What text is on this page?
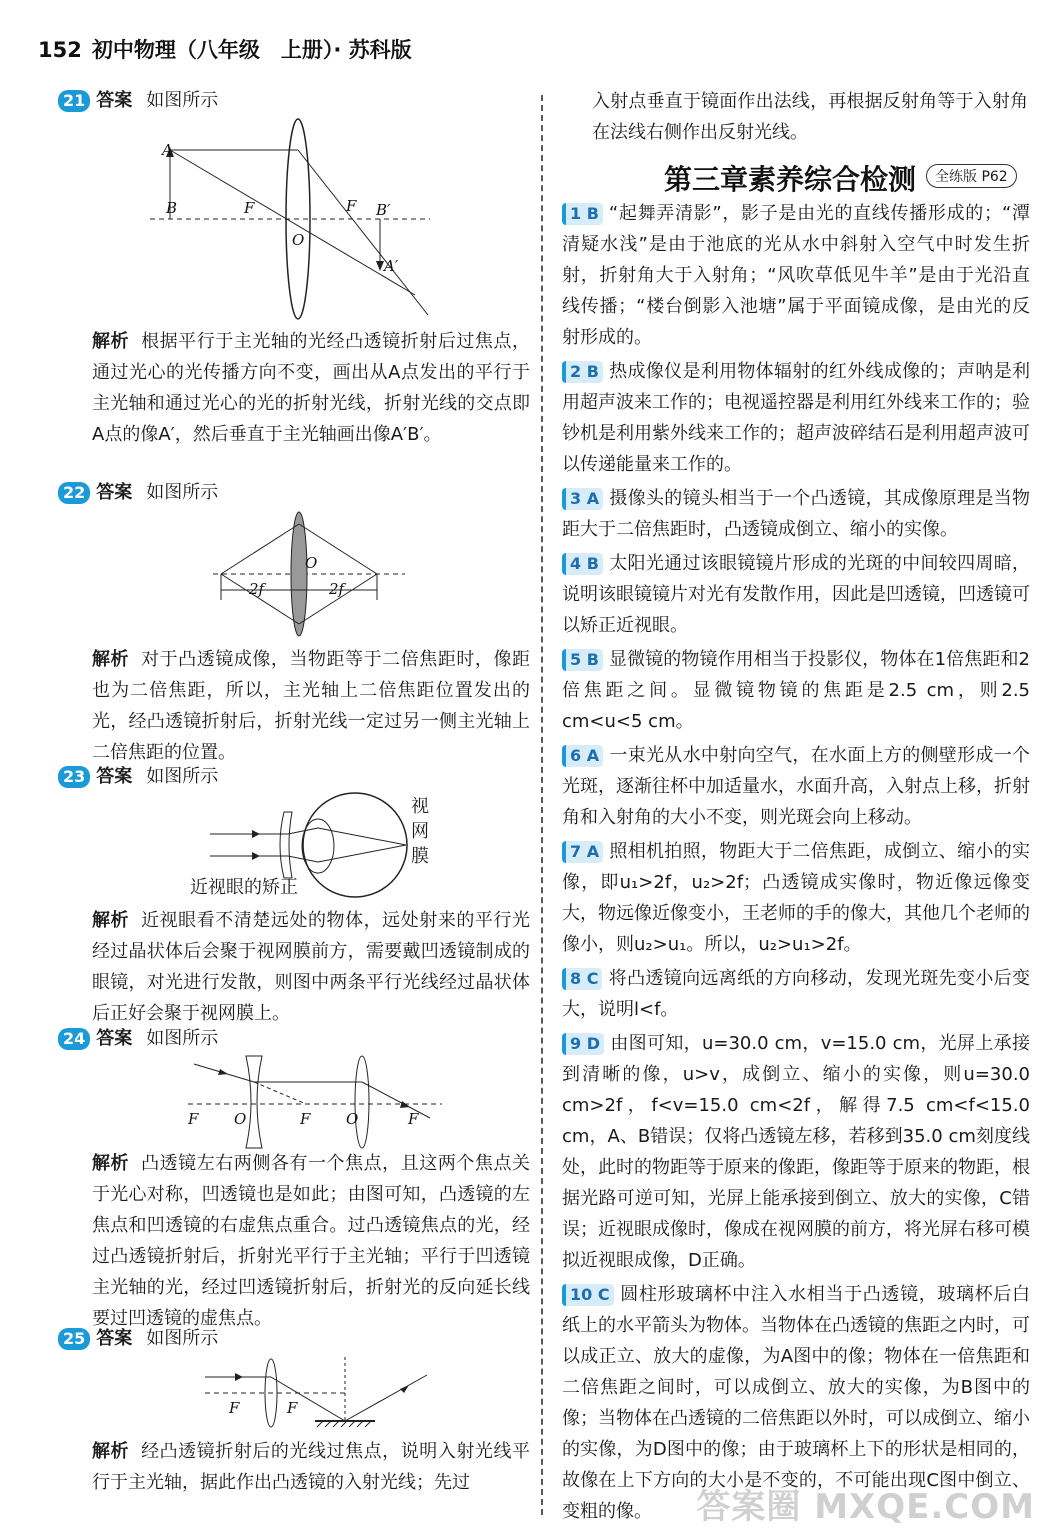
152 初中物理（八年级　上册）· 苏科版
21 答案 如图所示
A
B	F
O
F B′
A′
解析 根据平行于主光轴的光经凸透镜折射后过焦点，通过光心的光传播方向不变，画出从A点发出的平行于主光轴和通过光心的光的折射光线，折射光线的交点即A点的像A′，然后垂直于主光轴画出像A′B′。
22 答案 如图所示
O
2f	2f
解析 对于凸透镜成像，当物距等于二倍焦距时，像距也为二倍焦距，所以，主光轴上二倍焦距位置发出的光，经凸透镜折射后，折射光线一定过另一侧主光轴上二倍焦距的位置。
23 答案 如图所示
视
网
膜
近视眼的矫正
解析 近视眼看不清楚远处的物体，远处射来的平行光经过晶状体后会聚于视网膜前方，需要戴凹透镜制成的眼镜，对光进行发散，则图中两条平行光线经过晶状体后正好会聚于视网膜上。
24 答案 如图所示
F O	F O	F
解析 凸透镜左右两侧各有一个焦点，且这两个焦点关于光心对称，凹透镜也是如此；由图可知，凸透镜的左焦点和凹透镜的右虚焦点重合。过凸透镜焦点的光，经过凸透镜折射后，折射光平行于主光轴；平行于凹透镜主光轴的光，经过凹透镜折射后，折射光的反向延长线要过凹透镜的虚焦点。
25 答案 如图所示
F	F
解析 经凸透镜折射后的光线过焦点，说明入射光线平行于主光轴，据此作出凸透镜的入射光线；先过
入射点垂直于镜面作出法线，再根据反射角等于入射角在法线右侧作出反射光线。
第三章素养综合检测	全练版 P62
1 B “起舞弄清影”，影子是由光的直线传播形成的；“潭清疑水浅”是由于池底的光从水中斜射入空气中时发生折射，折射角大于入射角；“风吹草低见牛羊”是由于光沿直线传播；“楼台倒影入池塘”属于平面镜成像，是由光的反射形成的。
2 B 热成像仪是利用物体辐射的红外线成像的；声呐是利用超声波来工作的；电视遥控器是利用红外线来工作的；验钞机是利用紫外线来工作的；超声波碎结石是利用超声波可以传递能量来工作的。
3 A 摄像头的镜头相当于一个凸透镜，其成像原理是当物距大于二倍焦距时，凸透镜成倒立、缩小的实像。
4 B 太阳光通过该眼镜镜片形成的光斑的中间较四周暗，说明该眼镜镜片对光有发散作用，因此是凹透镜，凹透镜可以矫正近视眼。
5 B 显微镜的物镜作用相当于投影仪，物体在1倍焦距和2倍焦距之间。显微镜物镜的焦距是2.5 cm，则2.5 cm<u<5 cm。
6 A 一束光从水中射向空气，在水面上方的侧壁形成一个光斑，逐渐往杯中加适量水，水面升高，入射点上移，折射角和入射角的大小不变，则光斑会向上移动。
7 A 照相机拍照，物距大于二倍焦距，成倒立、缩小的实像，即u₁>2f，u₂>2f；凸透镜成实像时，物近像远像变大，物远像近像变小，王老师的手的像大，其他几个老师的像小，则u₂>u₁。所以，u₂>u₁>2f。
8 C 将凸透镜向远离纸的方向移动，发现光斑先变小后变大，说明l<f。
9 D 由图可知，u=30.0 cm，v=15.0 cm，光屏上承接到清晰的像，u>v，成倒立、缩小的实像，则u=30.0 cm>2f，f<v=15.0 cm<2f，解得7.5 cm<f<15.0 cm，A、B错误；仅将凸透镜左移，若移到35.0 cm刻度线处，此时的物距等于原来的像距，像距等于原来的物距，根据光路可逆可知，光屏上能承接到倒立、放大的实像，C错误；近视眼成像时，像成在视网膜的前方，将光屏右移可模拟近视眼成像，D正确。
10 C 圆柱形玻璃杯中注入水相当于凸透镜，玻璃杯后白纸上的水平箭头为物体。当物体在凸透镜的焦距之内时，可以成正立、放大的虚像，为A图中的像；物体在一倍焦距和二倍焦距之间时，可以成倒立、放大的实像，为B图中的像；当物体在凸透镜的二倍焦距以外时，可以成倒立、缩小的实像，为D图中的像；由于玻璃杯上下的形状是相同的，故像在上下方向的大小是不变的，不可能出现C图中倒立、变粗的像。	答案圈 MXQE.COM
